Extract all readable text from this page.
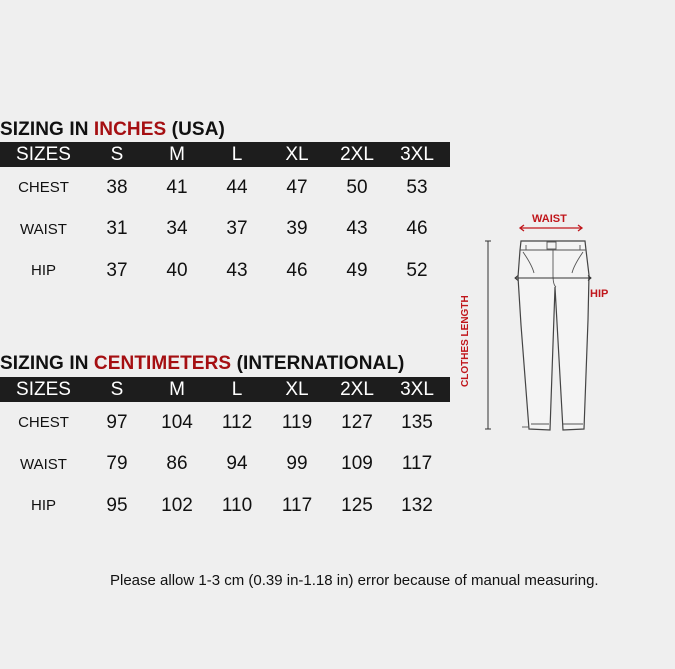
SIZING IN INCHES (USA)
SIZES	S	M	L	XL	2XL	3XL
CHEST	38	41	44	47	50	53
WAIST	31	34	37	39	43	46
HIP	37	40	43	46	49	52
SIZING IN CENTIMETERS (INTERNATIONAL)
SIZES	S	M	L	XL	2XL	3XL
CHEST	97	104	112	119	127	135
WAIST	79	86	94	99	109	117
HIP	95	102	110	117	125	132
WAIST
HIP
CLOTHES LENGTH
Please allow 1-3 cm (0.39 in-1.18 in) error because of manual measuring.
